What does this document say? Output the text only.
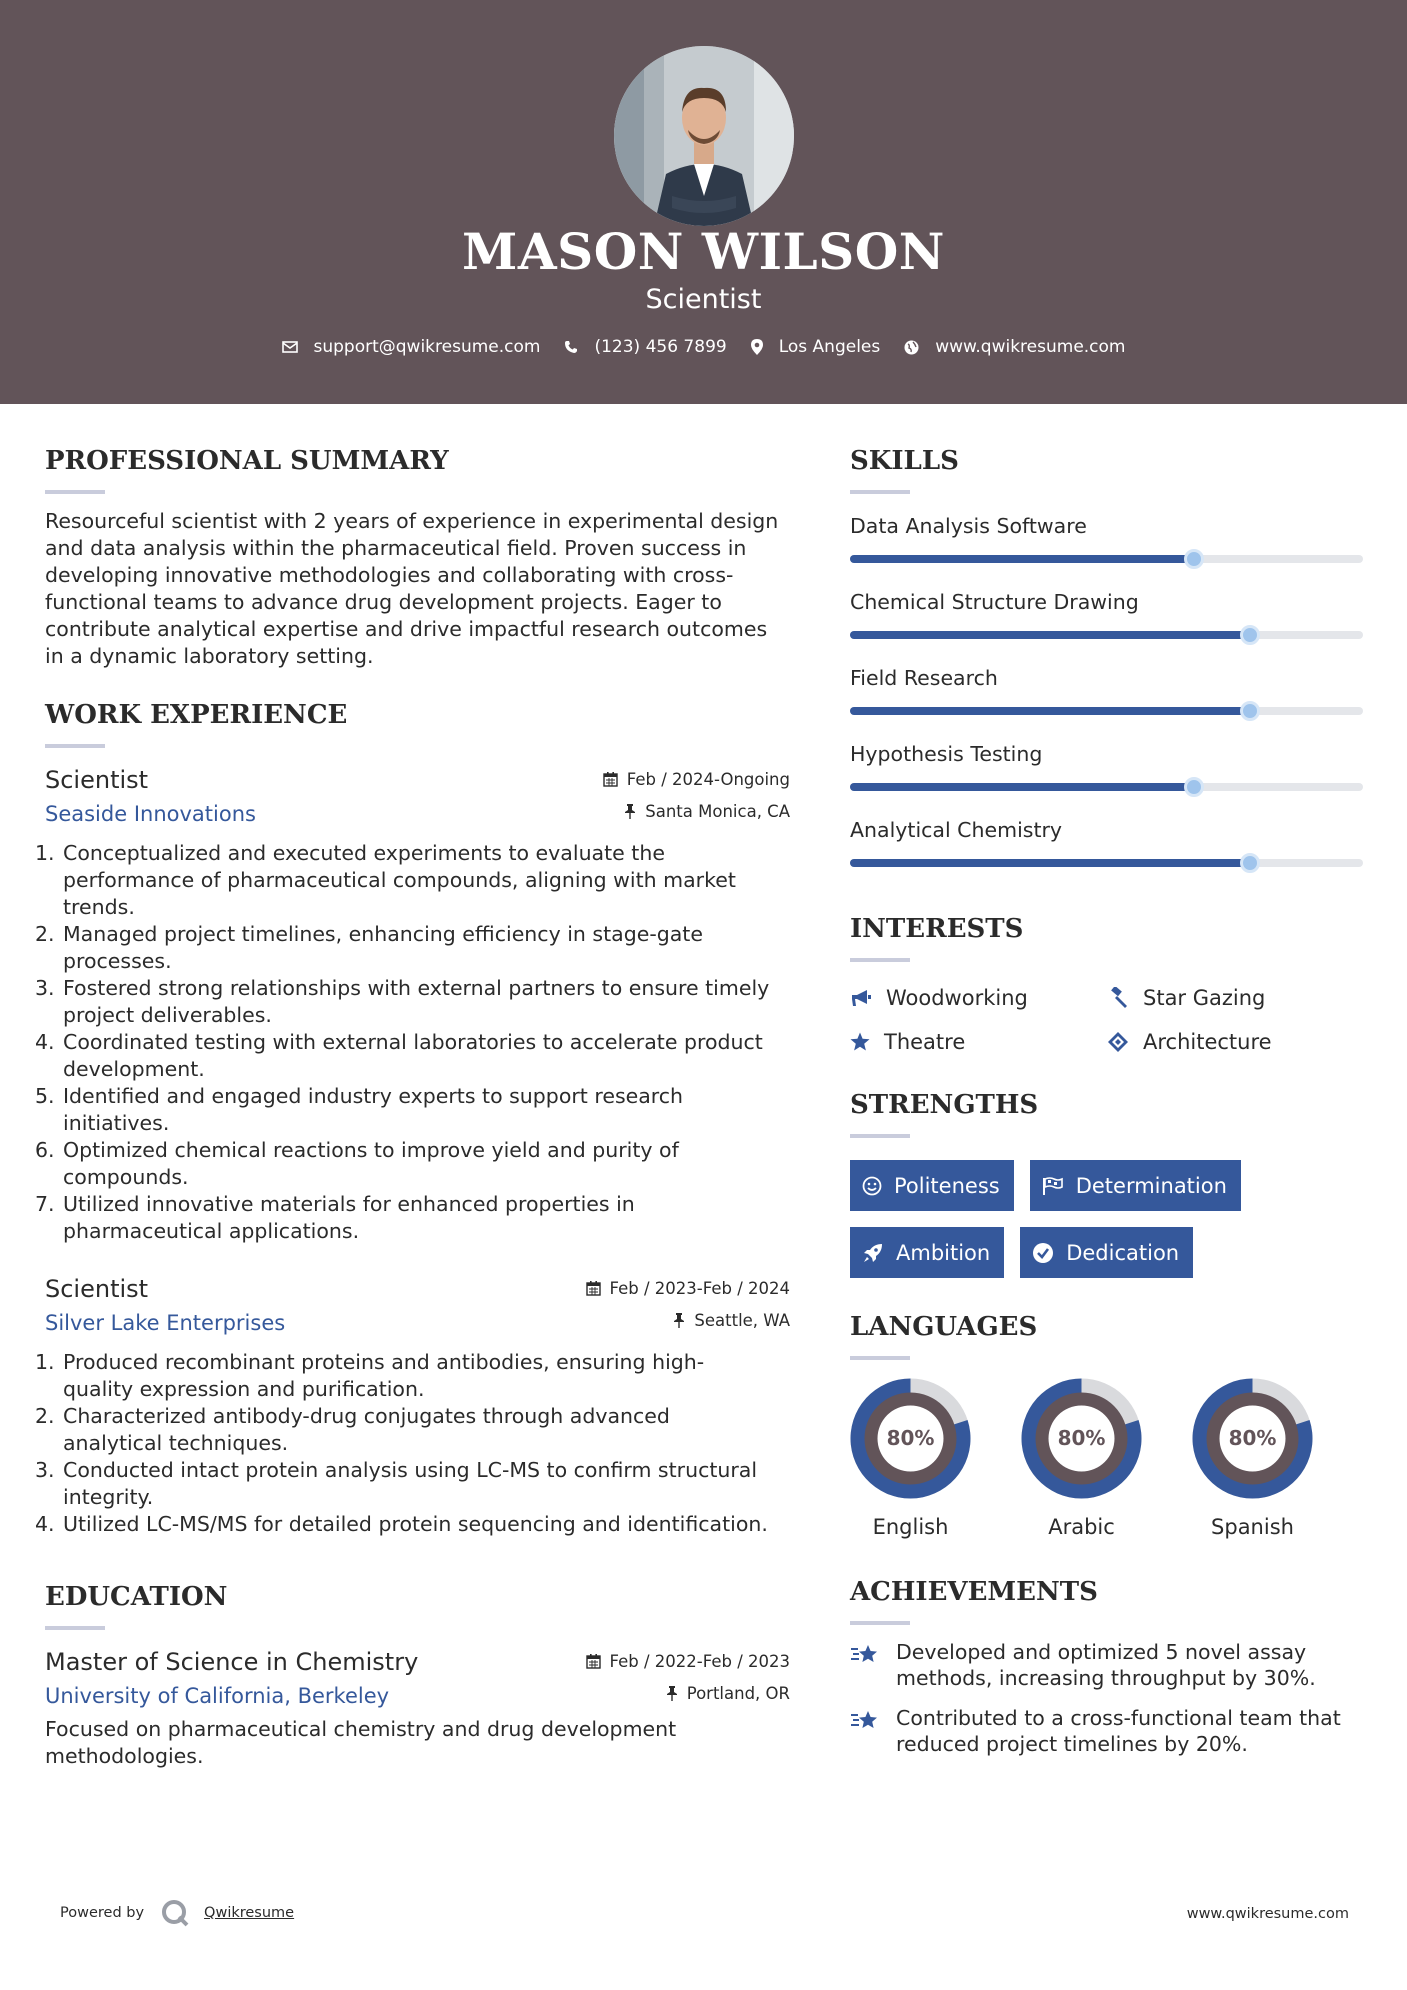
MASON WILSON
Scientist
support@qwikresume.com	(123) 456 7899	Los Angeles	www.qwikresume.com
PROFESSIONAL SUMMARY
Resourceful scientist with 2 years of experience in experimental design
and data analysis within the pharmaceutical field. Proven success in
developing innovative methodologies and collaborating with cross-
functional teams to advance drug development projects. Eager to
contribute analytical expertise and drive impactful research outcomes
in a dynamic laboratory setting.
WORK EXPERIENCE
Feb / 2024-Ongoing
Santa Monica, CA
Scientist
Seaside Innovations
1. Conceptualized and executed experiments to evaluate the
performance of pharmaceutical compounds, aligning with market
trends.
2. Managed project timelines, enhancing efficiency in stage-gate
processes.
3. Fostered strong relationships with external partners to ensure timely
project deliverables.
4. Coordinated testing with external laboratories to accelerate product
development.
5. Identified and engaged industry experts to support research
initiatives.
6. Optimized chemical reactions to improve yield and purity of
compounds.
7. Utilized innovative materials for enhanced properties in
pharmaceutical applications.
Feb / 2023-Feb / 2024
Seattle, WA
Scientist
Silver Lake Enterprises
1. Produced recombinant proteins and antibodies, ensuring high-
quality expression and purification.
2. Characterized antibody-drug conjugates through advanced
analytical techniques.
3. Conducted intact protein analysis using LC-MS to confirm structural
integrity.
4. Utilized LC-MS/MS for detailed protein sequencing and identification.
EDUCATION
Feb / 2022-Feb / 2023
Portland, OR
Master of Science in Chemistry
University of California, Berkeley
Focused on pharmaceutical chemistry and drug development
methodologies.
SKILLS
Data Analysis Software
Chemical Structure Drawing
Field Research
Hypothesis Testing
Analytical Chemistry
INTERESTS
Woodworking	Star Gazing
Theatre	Architecture
STRENGTHS
Politeness	Determination
Ambition	Dedication
LANGUAGES
80%
English
80%
Arabic
80%
Spanish
ACHIEVEMENTS
Developed and optimized 5 novel assay
methods, increasing throughput by 30%.
Contributed to a cross-functional team that
reduced project timelines by 20%.
Powered by	Qwikresume	www.qwikresume.com
